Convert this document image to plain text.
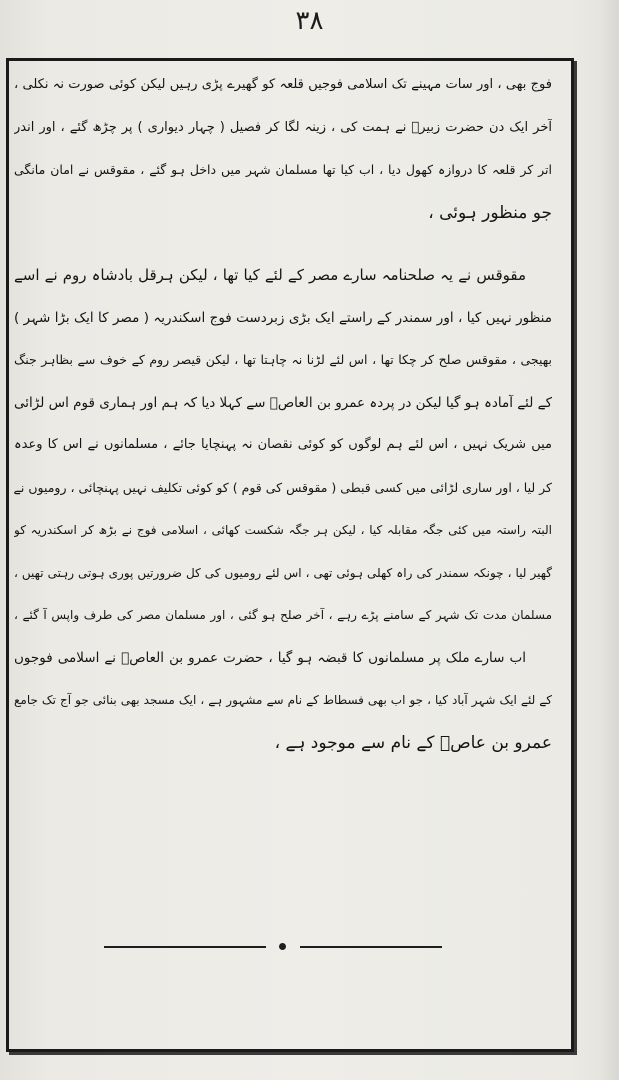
۳۸
فوج بھی ، اور سات مہینے تک اسلامی فوجیں قلعہ کو گھیرے پڑی رہیں لیکن کوئی صورت نہ نکلی ،
آخر ایک دن حضرت زبیرؓ نے ہمت کی ، زینہ لگا کر فصیل ( چہار دیواری ) پر چڑھ گئے ، اور اندر
اتر کر قلعہ کا دروازہ کھول دیا ، اب کیا تھا مسلمان شہر میں داخل ہو گئے ، مقوقس نے امان مانگی
جو منظور ہوئی ،
مقوقس نے یہ صلحنامہ سارے مصر کے لئے کیا تھا ، لیکن ہرقل بادشاہ روم نے اسے
منظور نہیں کیا ، اور سمندر کے راستے ایک بڑی زبردست فوج اسکندریہ ( مصر کا ایک بڑا شہر )
بھیجی ، مقوقس صلح کر چکا تھا ، اس لئے لڑنا نہ چاہتا تھا ، لیکن قیصر روم کے خوف سے بظاہر جنگ
کے لئے آمادہ ہو گیا لیکن در پردہ عمرو بن العاصؓ سے کہلا دیا کہ ہم اور ہماری قوم اس لڑائی
میں شریک نہیں ، اس لئے ہم لوگوں کو کوئی نقصان نہ پہنچایا جائے ، مسلمانوں نے اس کا وعدہ
کر لیا ، اور ساری لڑائی میں کسی قبطی ( مقوقس کی قوم ) کو کوئی تکلیف نہیں پہنچائی ، رومیوں نے
البتہ راستہ میں کئی جگہ مقابلہ کیا ، لیکن ہر جگہ شکست کھائی ، اسلامی فوج نے بڑھ کر اسکندریہ کو
گھیر لیا ، چونکہ سمندر کی راہ کھلی ہوئی تھی ، اس لئے رومیوں کی کل ضرورتیں پوری ہوتی رہتی تھیں ،
مسلمان مدت تک شہر کے سامنے پڑے رہے ، آخر صلح ہو گئی ، اور مسلمان مصر کی طرف واپس آ گئے ،
اب سارے ملک پر مسلمانوں کا قبضہ ہو گیا ، حضرت عمرو بن العاصؓ نے اسلامی فوجوں
کے لئے ایک شہر آباد کیا ، جو اب بھی فسطاط کے نام سے مشہور ہے ، ایک مسجد بھی بنائی جو آج تک جامع
عمرو بن عاصؓ کے نام سے موجود ہے ،
